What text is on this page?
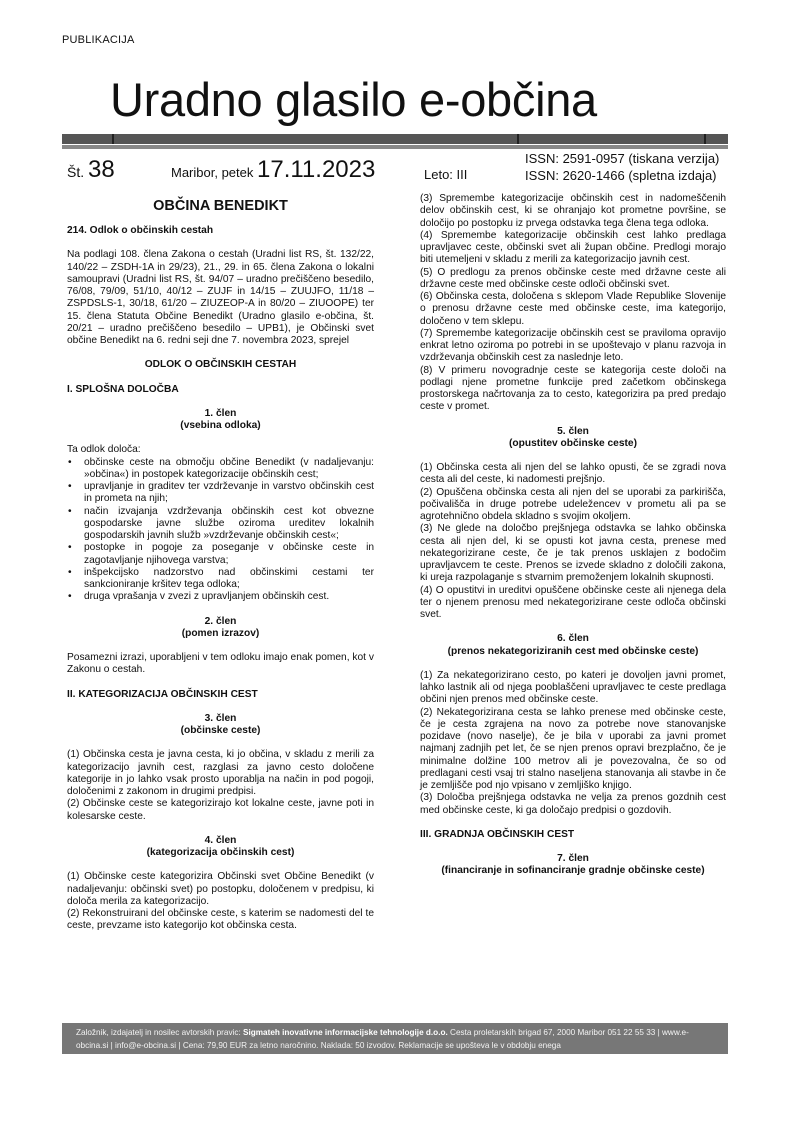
PUBLIKACIJA
Uradno glasilo e-občina
Št. 38	Maribor, petek 17.11.2023	Leto: III
ISSN: 2591-0957 (tiskana verzija)
ISSN: 2620-1466 (spletna izdaja)
OBČINA BENEDIKT

214. Odlok o občinskih cestah

Na podlagi 108. člena Zakona o cestah (Uradni list RS, št. 132/22, 140/22 – ZSDH-1A in 29/23), 21., 29. in 65. člena Zakona o lokalni samoupravi (Uradni list RS, št. 94/07 – uradno prečiščeno besedilo, 76/08, 79/09, 51/10, 40/12 – ZUJF in 14/15 – ZUUJFO, 11/18 – ZSPDSLS-1, 30/18, 61/20 – ZIUZEOP-A in 80/20 – ZIUOOPE) ter 15. člena Statuta Občine Benedikt (Uradno glasilo e-občina, št. 20/21 – uradno prečiščeno besedilo – UPB1), je Občinski svet občine Benedikt na 6. redni seji dne 7. novembra 2023, sprejel

ODLOK O OBČINSKIH CESTAH

I. SPLOŠNA DOLOČBA

1. člen

(vsebina odloka)

Ta odlok določa:

• občinske ceste na območju občine Benedikt (v nadaljevanju: »občina«) in postopek kategorizacije občinskih cest;
• upravljanje in graditev ter vzdrževanje in varstvo občinskih cest in prometa na njih;
• način izvajanja vzdrževanja občinskih cest kot obvezne gospodarske javne službe oziroma ureditev lokalnih gospodarskih javnih služb »vzdrževanje občinskih cest«;
• postopke in pogoje za poseganje v občinske ceste in zagotavljanje njihovega varstva;
• inšpekcijsko nadzorstvo nad občinskimi cestami ter sankcioniranje kršitev tega odloka;
• druga vprašanja v zvezi z upravljanjem občinskih cest.

2. člen

(pomen izrazov)

Posamezni izrazi, uporabljeni v tem odloku imajo enak pomen, kot v Zakonu o cestah.

II. KATEGORIZACIJA OBČINSKIH CEST

3. člen

(občinske ceste)

(1) Občinska cesta je javna cesta, ki jo občina, v skladu z merili za kategorizacijo javnih cest, razglasi za javno cesto določene kategorije in jo lahko vsak prosto uporablja na način in pod pogoji, določenimi z zakonom in drugimi predpisi.

(2) Občinske ceste se kategorizirajo kot lokalne ceste, javne poti in kolesarske ceste.

4. člen

(kategorizacija občinskih cest)

(1) Občinske ceste kategorizira Občinski svet Občine Benedikt (v nadaljevanju: občinski svet) po postopku, določenem v predpisu, ki določa merila za kategorizacijo.

(2) Rekonstruirani del občinske ceste, s katerim se nadomesti del te ceste, prevzame isto kategorijo kot občinska cesta.

(3) Spremembe kategorizacije občinskih cest in nadomeščenih delov občinskih cest, ki se ohranjajo kot prometne površine, se določijo po postopku iz prvega odstavka tega člena tega odloka.

(4) Spremembe kategorizacije občinskih cest lahko predlaga upravljavec ceste, občinski svet ali župan občine. Predlogi morajo biti utemeljeni v skladu z merili za kategorizacijo javnih cest.

(5) O predlogu za prenos občinske ceste med državne ceste ali državne ceste med občinske ceste odloči občinski svet.

(6) Občinska cesta, določena s sklepom Vlade Republike Slovenije o prenosu državne ceste med občinske ceste, ima kategorijo, določeno v tem sklepu.

(7) Spremembe kategorizacije občinskih cest se praviloma opravijo enkrat letno oziroma po potrebi in se upoštevajo v planu razvoja in vzdrževanja občinskih cest za naslednje leto.

(8) V primeru novogradnje ceste se kategorija ceste določi na podlagi njene prometne funkcije pred začetkom občinskega prostorskega načrtovanja za to cesto, kategorizira pa pred predajo ceste v promet.

5. člen

(opustitev občinske ceste)

(1) Občinska cesta ali njen del se lahko opusti, če se zgradi nova cesta ali del ceste, ki nadomesti prejšnjo.

(2) Opuščena občinska cesta ali njen del se uporabi za parkirišča, počivališča in druge potrebe udeležencev v prometu ali pa se agrotehnično obdela skladno s svojim okoljem.

(3) Ne glede na določbo prejšnjega odstavka se lahko občinska cesta ali njen del, ki se opusti kot javna cesta, prenese med nekategorizirane ceste, če je tak prenos usklajen z bodočim upravljavcem te ceste. Prenos se izvede skladno z določili zakona, ki ureja razpolaganje s stvarnim premoženjem lokalnih skupnosti.

(4) O opustitvi in ureditvi opuščene občinske ceste ali njenega dela ter o njenem prenosu med nekategorizirane ceste odloča občinski svet.

6. člen

(prenos nekategoriziranih cest med občinske ceste)

(1) Za nekategorizirano cesto, po kateri je dovoljen javni promet, lahko lastnik ali od njega pooblaščeni upravljavec te ceste predlaga občini njen prenos med občinske ceste.

(2) Nekategorizirana cesta se lahko prenese med občinske ceste, če je cesta zgrajena na novo za potrebe nove stanovanjske pozidave (novo naselje), če je bila v uporabi za javni promet najmanj zadnjih pet let, če se njen prenos opravi brezplačno, če je minimalne dolžine 100 metrov ali je povezovalna, če so od predlagani cesti vsaj tri stalno naseljena stanovanja ali stavbe in če je zemljišče pod njo vpisano v zemljiško knjigo.

(3) Določba prejšnjega odstavka ne velja za prenos gozdnih cest med občinske ceste, ki ga določajo predpisi o gozdovih.

III. GRADNJA OBČINSKIH CEST

7. člen

(financiranje in sofinanciranje gradnje občinske ceste)

Založnik, izdajatelj in nosilec avtorskih pravic: Sigmateh inovativne informacijske tehnologije d.o.o. Cesta proletarskih brigad 67, 2000 Maribor 051 22 55 33 | www.e-obcina.si | info@e-obcina.si | Cena: 79,90 EUR za letno naročnino. Naklada: 50 izvodov. Reklamacije se upošteva le v obdobju enega
